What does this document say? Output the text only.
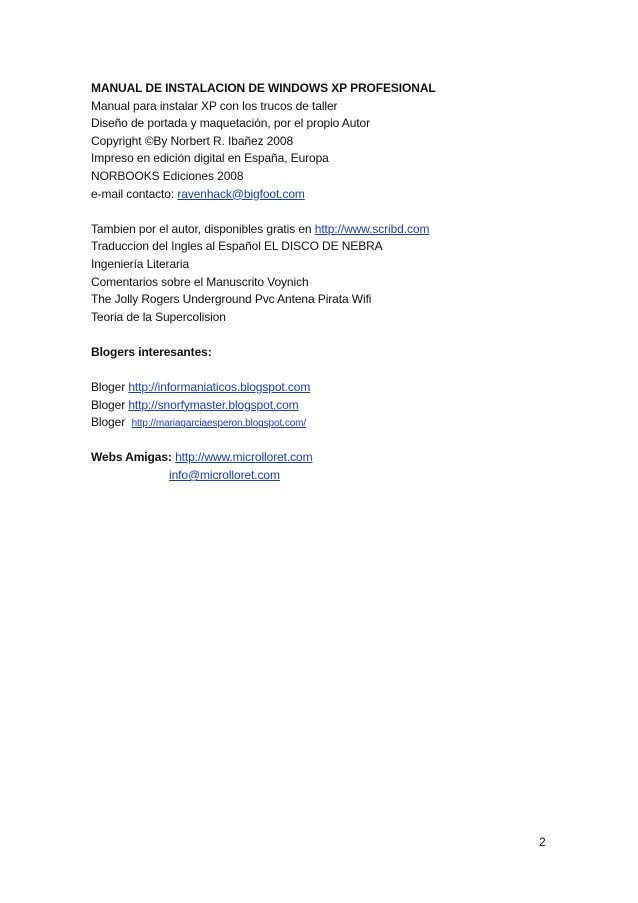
MANUAL DE INSTALACION DE WINDOWS XP PROFESIONAL
Manual para instalar XP con los trucos de taller
Diseño de portada y maquetación, por el propio Autor
Copyright ©By Norbert R. Ibañez 2008
Impreso en edición digital en España, Europa
NORBOOKS Ediciones 2008
e-mail contacto: ravenhack@bigfoot.com
Tambien por el autor, disponibles gratis en http://www.scribd.com
Traduccion del Ingles al Español EL DISCO DE NEBRA
Ingeniería Literaria
Comentarios sobre el Manuscrito Voynich
The Jolly Rogers Underground Pvc Antena Pirata Wifi
Teoria de la Supercolision
Blogers interesantes:
Bloger http://informaniaticos.blogspot.com
Bloger http://snorfymaster.blogspot.com
Bloger  http://mariagarciaesperon.blogspot.com/
Webs Amigas: http://www.microlloret.com
info@microlloret.com
2
